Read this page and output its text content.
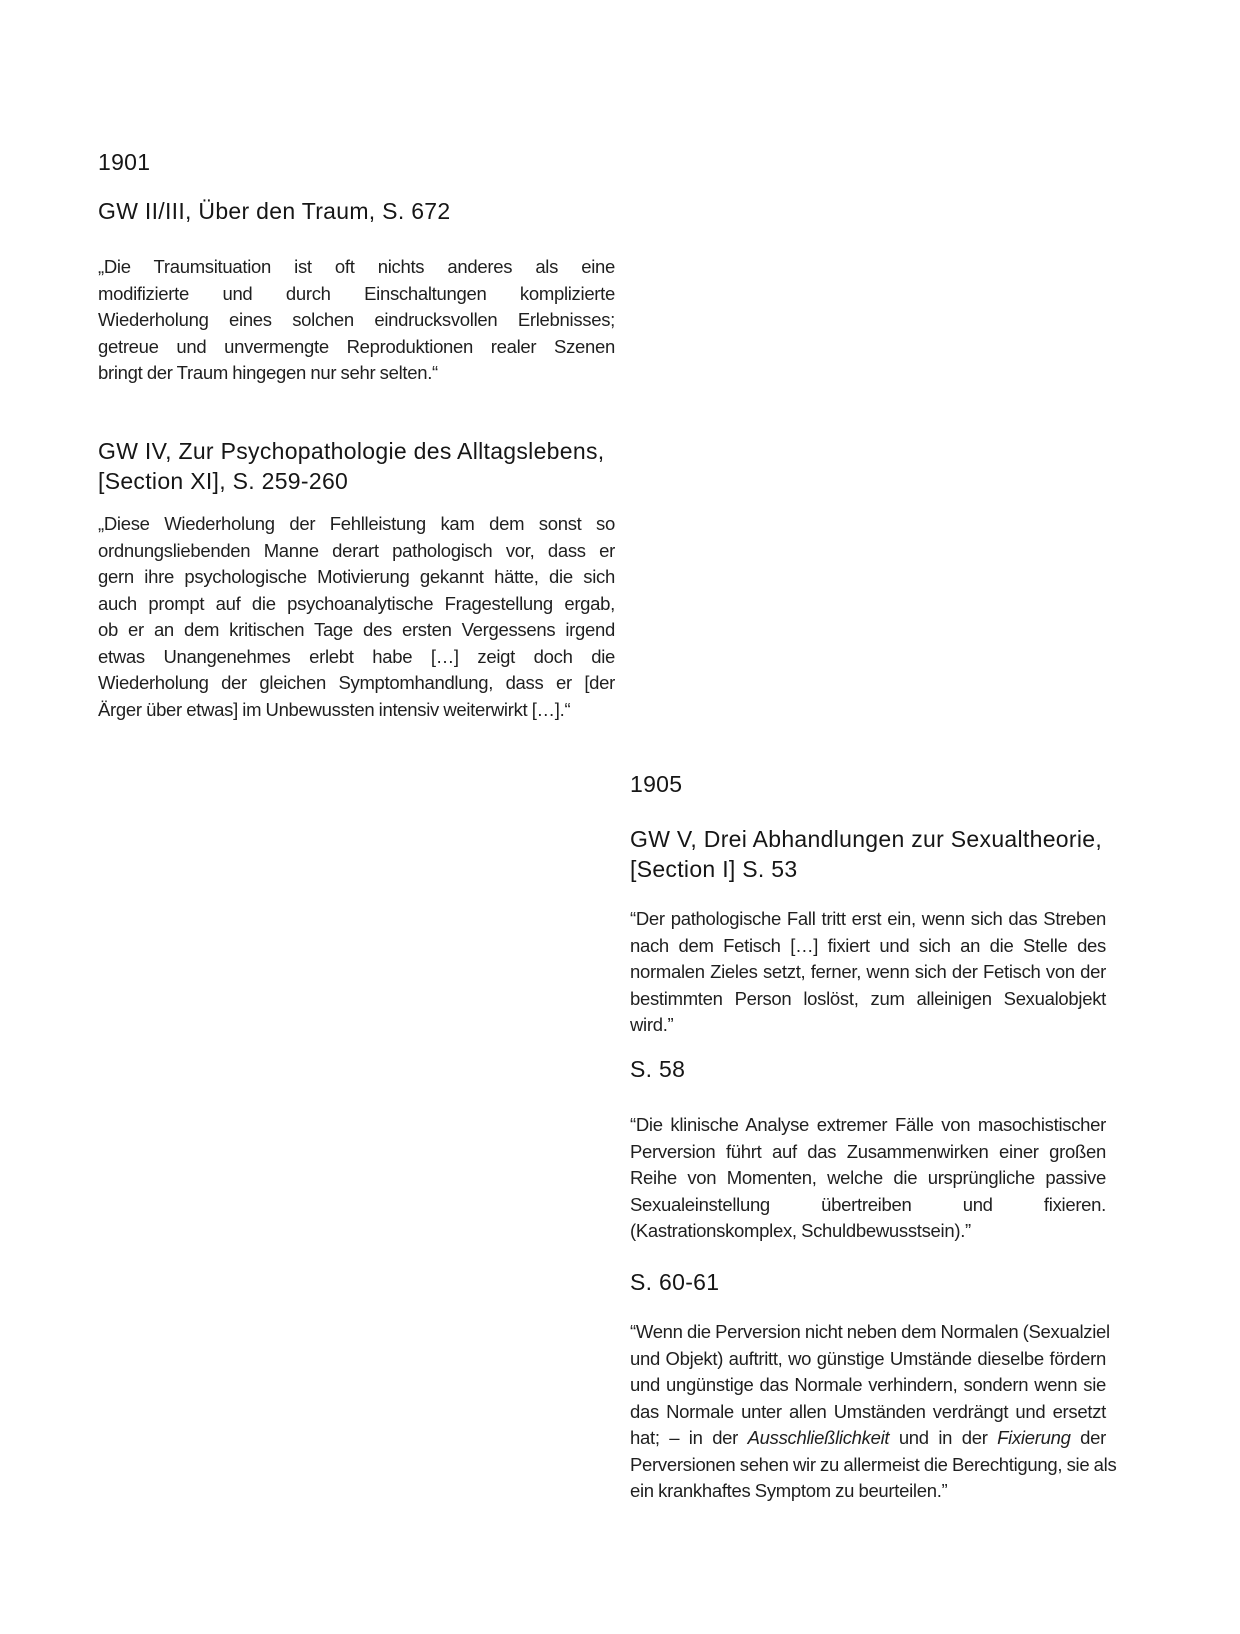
1901
GW II/III, Über den Traum, S. 672
„Die Traumsituation ist oft nichts anderes als eine
modifizierte und durch Einschaltungen komplizierte
Wiederholung eines solchen eindrucksvollen Erlebnisses;
getreue und unvermengte Reproduktionen realer Szenen
bringt der Traum hingegen nur sehr selten.“
GW IV, Zur Psychopathologie des Alltagslebens,
[Section XI], S. 259-260
„Diese Wiederholung der Fehlleistung kam dem sonst so
ordnungsliebenden Manne derart pathologisch vor, dass er
gern ihre psychologische Motivierung gekannt hätte, die sich
auch prompt auf die psychoanalytische Fragestellung ergab,
ob er an dem kritischen Tage des ersten Vergessens irgend
etwas Unangenehmes erlebt habe […] zeigt doch die
Wiederholung der gleichen Symptomhandlung, dass er [der
Ärger über etwas] im Unbewussten intensiv weiterwirkt […].“
1905
GW V, Drei Abhandlungen zur Sexualtheorie,
[Section I] S. 53
“Der pathologische Fall tritt erst ein, wenn sich das Streben
nach dem Fetisch […] fixiert und sich an die Stelle des
normalen Zieles setzt, ferner, wenn sich der Fetisch von der
bestimmten Person loslöst, zum alleinigen Sexualobjekt
wird.”
S. 58
“Die klinische Analyse extremer Fälle von masochistischer
Perversion führt auf das Zusammenwirken einer großen
Reihe von Momenten, welche die ursprüngliche passive
Sexualeinstellung übertreiben und fixieren.
(Kastrationskomplex, Schuldbewusstsein).”
S. 60-61
“Wenn die Perversion nicht neben dem Normalen (Sexualziel
und Objekt) auftritt, wo günstige Umstände dieselbe fördern
und ungünstige das Normale verhindern, sondern wenn sie
das Normale unter allen Umständen verdrängt und ersetzt
hat; – in der Ausschließlichkeit und in der Fixierung der
Perversionen sehen wir zu allermeist die Berechtigung, sie als
ein krankhaftes Symptom zu beurteilen.”
